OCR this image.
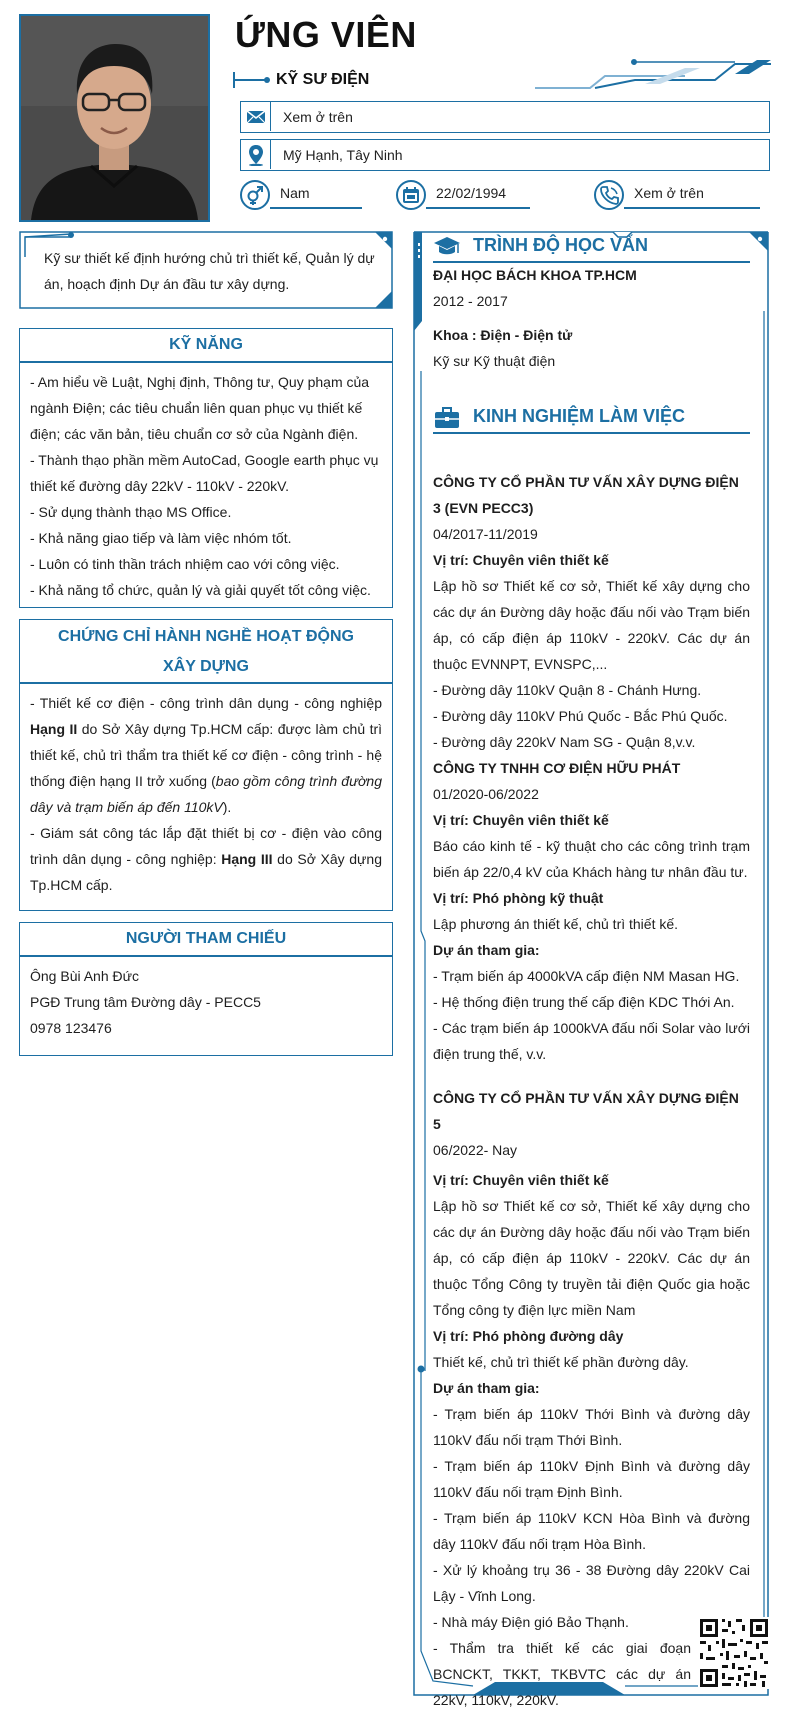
ỨNG VIÊN
KỸ SƯ ĐIỆN
Xem ở trên
Mỹ Hạnh, Tây Ninh
Nam	22/02/1994	Xem ở trên
Kỹ sư thiết kế định hướng chủ trì thiết kế, Quản lý dự án, hoạch định Dự án đầu tư xây dựng.
KỸ NĂNG
- Am hiểu về Luật, Nghị định, Thông tư, Quy phạm của ngành Điện; các tiêu chuẩn liên quan phục vụ thiết kế điện; các văn bản, tiêu chuẩn cơ sở của Ngành điện.
- Thành thạo phần mềm AutoCad, Google earth phục vụ thiết kế đường dây 22kV - 110kV - 220kV.
- Sử dụng thành thạo MS Office.
- Khả năng giao tiếp và làm việc nhóm tốt.
- Luôn có tinh thần trách nhiệm cao với công việc.
- Khả năng tổ chức, quản lý và giải quyết tốt công việc.
CHỨNG CHỈ HÀNH NGHỀ HOẠT ĐỘNG XÂY DỰNG
- Thiết kế cơ điện - công trình dân dụng - công nghiệp Hạng II do Sở Xây dựng Tp.HCM cấp: được làm chủ trì thiết kế, chủ trì thẩm tra thiết kế cơ điện - công trình - hệ thống điện hạng II trở xuống (bao gồm công trình đường dây và trạm biến áp đến 110kV).
- Giám sát công tác lắp đặt thiết bị cơ - điện vào công trình dân dụng - công nghiệp: Hạng III do Sở Xây dựng Tp.HCM cấp.
NGƯỜI THAM CHIẾU
Ông Bùi Anh Đức
PGĐ Trung tâm Đường dây - PECC5
0978 123476
TRÌNH ĐỘ HỌC VẤN
ĐẠI HỌC BÁCH KHOA TP.HCM
2012 - 2017
Khoa : Điện - Điện tử
Kỹ sư Kỹ thuật điện
KINH NGHIỆM LÀM VIỆC
CÔNG TY CỔ PHẦN TƯ VẤN XÂY DỰNG ĐIỆN 3 (EVN PECC3)
04/2017-11/2019
Vị trí: Chuyên viên thiết kế
Lập hồ sơ Thiết kế cơ sở, Thiết kế xây dựng cho các dự án Đường dây hoặc đấu nối vào Trạm biến áp, có cấp điện áp 110kV - 220kV. Các dự án thuộc EVNNPT, EVNSPC,...
- Đường dây 110kV Quận 8 - Chánh Hưng.
- Đường dây 110kV Phú Quốc - Bắc Phú Quốc.
- Đường dây 220kV Nam SG - Quận 8,v.v.
CÔNG TY TNHH CƠ ĐIỆN HỮU PHÁT
01/2020-06/2022
Vị trí: Chuyên viên thiết kế
Báo cáo kinh tế - kỹ thuật cho các công trình trạm biến áp 22/0,4 kV của Khách hàng tư nhân đầu tư.
Vị trí: Phó phòng kỹ thuật
Lập phương án thiết kế, chủ trì thiết kế.
Dự án tham gia:
- Trạm biến áp 4000kVA cấp điện NM Masan HG.
- Hệ thống điện trung thế cấp điện KDC Thới An.
- Các trạm biến áp 1000kVA đấu nối Solar vào lưới điện trung thế, v.v.
CÔNG TY CỔ PHẦN TƯ VẤN XÂY DỰNG ĐIỆN 5
06/2022- Nay
Vị trí: Chuyên viên thiết kế
Lập hồ sơ Thiết kế cơ sở, Thiết kế xây dựng cho các dự án Đường dây hoặc đấu nối vào Trạm biến áp, có cấp điện áp 110kV - 220kV. Các dự án thuộc Tổng Công ty truyền tải điện Quốc gia hoặc Tổng công ty điện lực miền Nam
Vị trí: Phó phòng đường dây
Thiết kế, chủ trì thiết kế phần đường dây.
Dự án tham gia:
- Trạm biến áp 110kV Thới Bình và đường dây 110kV đấu nối trạm Thới Bình.
- Trạm biến áp 110kV Định Bình và đường dây 110kV đấu nối trạm Định Bình.
- Trạm biến áp 110kV KCN Hòa Bình và đường dây 110kV đấu nối trạm Hòa Bình.
- Xử lý khoảng trụ 36 - 38 Đường dây 220kV Cai Lậy - Vĩnh Long.
- Nhà máy Điện gió Bảo Thạnh.
- Thẩm tra thiết kế các giai đoạn BCNCKT, TKKT, TKBVTC các dự án 22kV, 110kV, 220kV.
